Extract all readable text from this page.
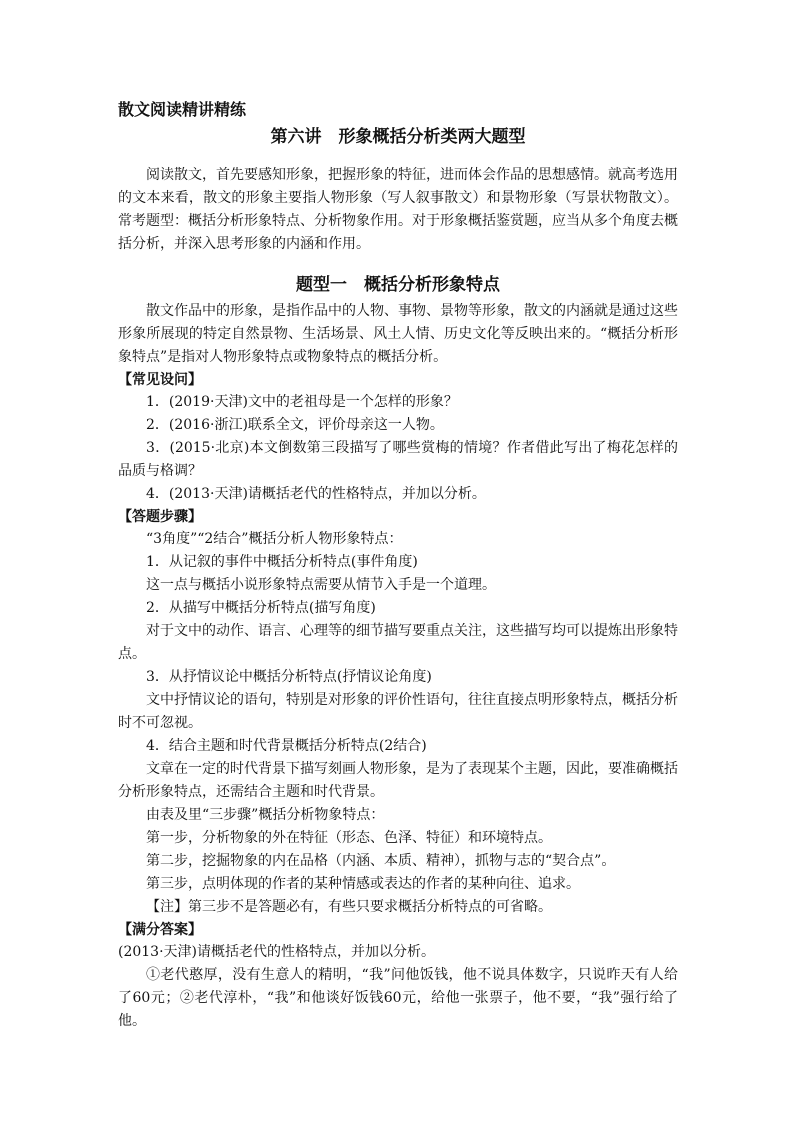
散文阅读精讲精练

第六讲　形象概括分析类两大题型

阅读散文，首先要感知形象，把握形象的特征，进而体会作品的思想感情。就高考选用的文本来看，散文的形象主要指人物形象（写人叙事散文）和景物形象（写景状物散文）。常考题型：概括分析形象特点、分析物象作用。对于形象概括鉴赏题，应当从多个角度去概括分析，并深入思考形象的内涵和作用。

题型一　概括分析形象特点

散文作品中的形象，是指作品中的人物、事物、景物等形象，散文的内涵就是通过这些形象所展现的特定自然景物、生活场景、风土人情、历史文化等反映出来的。“概括分析形象特点”是指对人物形象特点或物象特点的概括分析。

【常见设问】

1．(2019·天津)文中的老祖母是一个怎样的形象？

2．(2016·浙江)联系全文，评价母亲这一人物。

3．(2015·北京)本文倒数第三段描写了哪些赏梅的情境？作者借此写出了梅花怎样的品质与格调？

4．(2013·天津)请概括老代的性格特点，并加以分析。

【答题步骤】

“3角度”“2结合”概括分析人物形象特点：

1．从记叙的事件中概括分析特点(事件角度)

这一点与概括小说形象特点需要从情节入手是一个道理。

2．从描写中概括分析特点(描写角度)

对于文中的动作、语言、心理等的细节描写要重点关注，这些描写均可以提炼出形象特点。

3．从抒情议论中概括分析特点(抒情议论角度)

文中抒情议论的语句，特别是对形象的评价性语句，往往直接点明形象特点，概括分析时不可忽视。

4．结合主题和时代背景概括分析特点(2结合)

文章在一定的时代背景下描写刻画人物形象，是为了表现某个主题，因此，要准确概括分析形象特点，还需结合主题和时代背景。

由表及里“三步骤”概括分析物象特点：

第一步，分析物象的外在特征（形态、色泽、特征）和环境特点。

第二步，挖掘物象的内在品格（内涵、本质、精神），抓物与志的“契合点”。

第三步，点明体现的作者的某种情感或表达的作者的某种向往、追求。

【注】第三步不是答题必有，有些只要求概括分析特点的可省略。

【满分答案】

(2013·天津)请概括老代的性格特点，并加以分析。

①老代憨厚，没有生意人的精明，“我”问他饭钱，他不说具体数字，只说昨天有人给了60元；②老代淳朴，“我”和他谈好饭钱60元，给他一张票子，他不要，“我”强行给了他。
